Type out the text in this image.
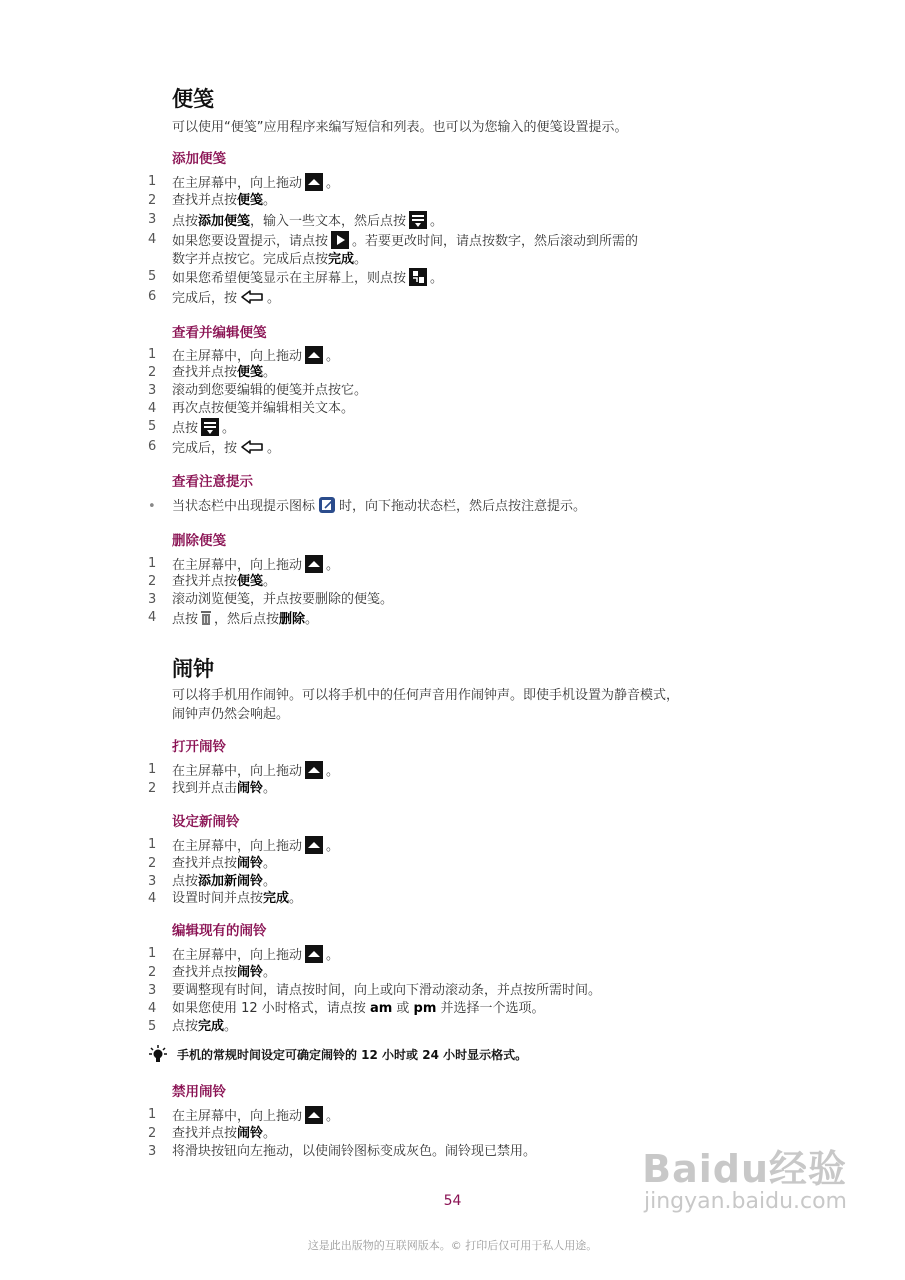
便笺
可以使用“便笺”应用程序来编写短信和列表。也可以为您输入的便笺设置提示。
添加便笺
1 在主屏幕中，向上拖动 。
2 查找并点按便笺。
3 点按添加便笺，输入一些文本，然后点按 。
4 如果您要设置提示，请点按 。若要更改时间，请点按数字，然后滚动到所需的
数字并点按它。完成后点按完成。
5 如果您希望便笺显示在主屏幕上，则点按 。
6 完成后，按 。
查看并编辑便笺
1 在主屏幕中，向上拖动 。
2 查找并点按便笺。
3 滚动到您要编辑的便笺并点按它。
4 再次点按便笺并编辑相关文本。
5 点按 。
6 完成后，按 。
查看注意提示
• 当状态栏中出现提示图标 时，向下拖动状态栏，然后点按注意提示。
删除便笺
1 在主屏幕中，向上拖动 。
2 查找并点按便笺。
3 滚动浏览便笺，并点按要删除的便笺。
4 点按 ，然后点按删除。
闹钟
可以将手机用作闹钟。可以将手机中的任何声音用作闹钟声。即使手机设置为静音模式，
闹钟声仍然会响起。
打开闹铃
1 在主屏幕中，向上拖动 。
2 找到并点击闹铃。
设定新闹铃
1 在主屏幕中，向上拖动 。
2 查找并点按闹铃。
3 点按添加新闹铃。
4 设置时间并点按完成。
编辑现有的闹铃
1 在主屏幕中，向上拖动 。
2 查找并点按闹铃。
3 要调整现有时间，请点按时间，向上或向下滑动滚动条，并点按所需时间。
4 如果您使用 12 小时格式，请点按 am 或 pm 并选择一个选项。
5 点按完成。
手机的常规时间设定可确定闹铃的 12 小时或 24 小时显示格式。
禁用闹铃
1 在主屏幕中，向上拖动 。
2 查找并点按闹铃。
3 将滑块按钮向左拖动，以使闹铃图标变成灰色。闹铃现已禁用。	Baidu经验
jingyan.baidu.com
54
这是此出版物的互联网版本。© 打印后仅可用于私人用途。
